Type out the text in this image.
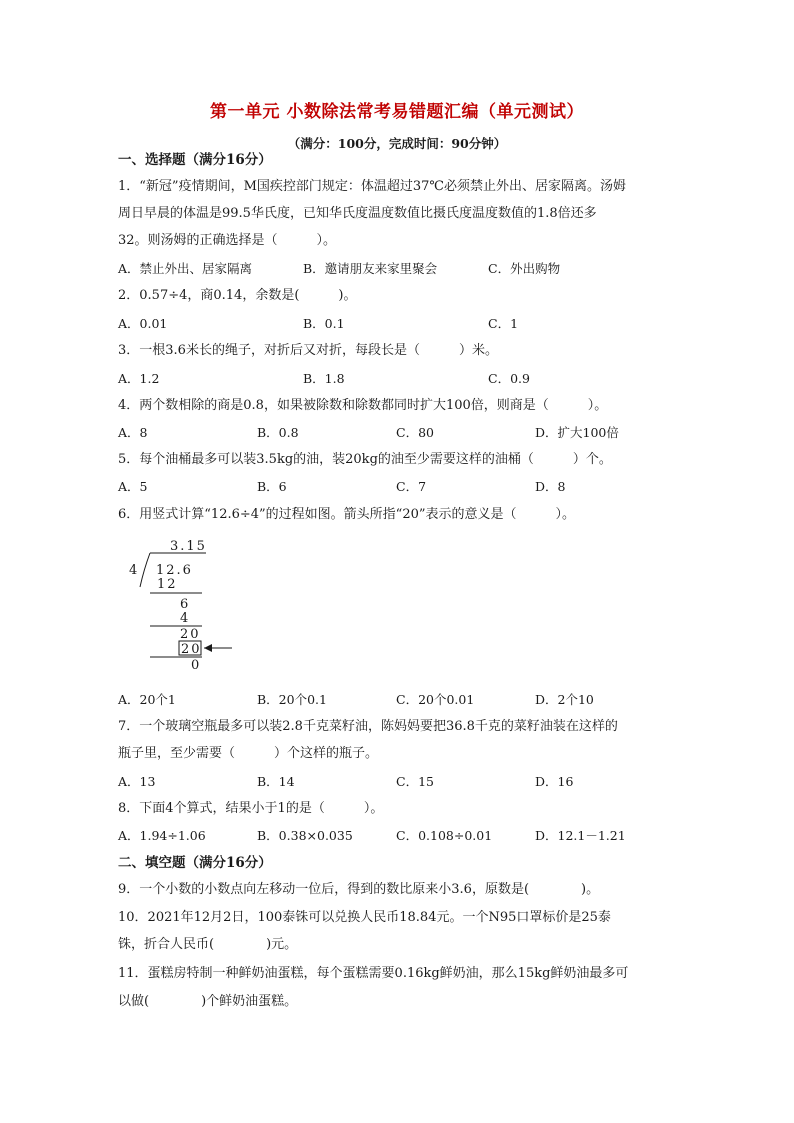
第一单元 小数除法常考易错题汇编（单元测试）
（满分：100分，完成时间：90分钟）
一、选择题（满分16分）
1．“新冠”疫情期间，M国疾控部门规定：体温超过37℃必须禁止外出、居家隔离。汤姆
周日早晨的体温是99.5华氏度，已知华氏度温度数值比摄氏度温度数值的1.8倍还多
32。则汤姆的正确选择是（　　　）。
A．禁止外出、居家隔离	B．邀请朋友来家里聚会	C．外出购物
2．0.57÷4，商0.14，余数是(　　　)。
A．0.01	B．0.1	C．1
3．一根3.6米长的绳子，对折后又对折，每段长是（　　　）米。
A．1.2	B．1.8	C．0.9
4．两个数相除的商是0.8，如果被除数和除数都同时扩大100倍，则商是（　　　）。
A．8	B．0.8	C．80	D．扩大100倍
5．每个油桶最多可以装3.5kg的油，装20kg的油至少需要这样的油桶（　　　）个。
A．5	B．6	C．7	D．8
6．用竖式计算“12.6÷4”的过程如图。箭头所指“20”表示的意义是（　　　）。
3.15
4 12.6
12
6
4
20
20
0
A．20个1	B．20个0.1	C．20个0.01	D．2个10
7．一个玻璃空瓶最多可以装2.8千克菜籽油，陈妈妈要把36.8千克的菜籽油装在这样的
瓶子里，至少需要（　　　）个这样的瓶子。
A．13	B．14	C．15	D．16
8．下面4个算式，结果小于1的是（　　　）。
A．1.94÷1.06	B．0.38×0.035	C．0.108÷0.01	D．12.1－1.21
二、填空题（满分16分）
9．一个小数的小数点向左移动一位后，得到的数比原来小3.6，原数是(　　　　)。
10．2021年12月2日，100泰铢可以兑换人民币18.84元。一个N95口罩标价是25泰
铢，折合人民币(　　　　)元。
11．蛋糕房特制一种鲜奶油蛋糕，每个蛋糕需要0.16kg鲜奶油，那么15kg鲜奶油最多可
以做(　　　　)个鲜奶油蛋糕。
